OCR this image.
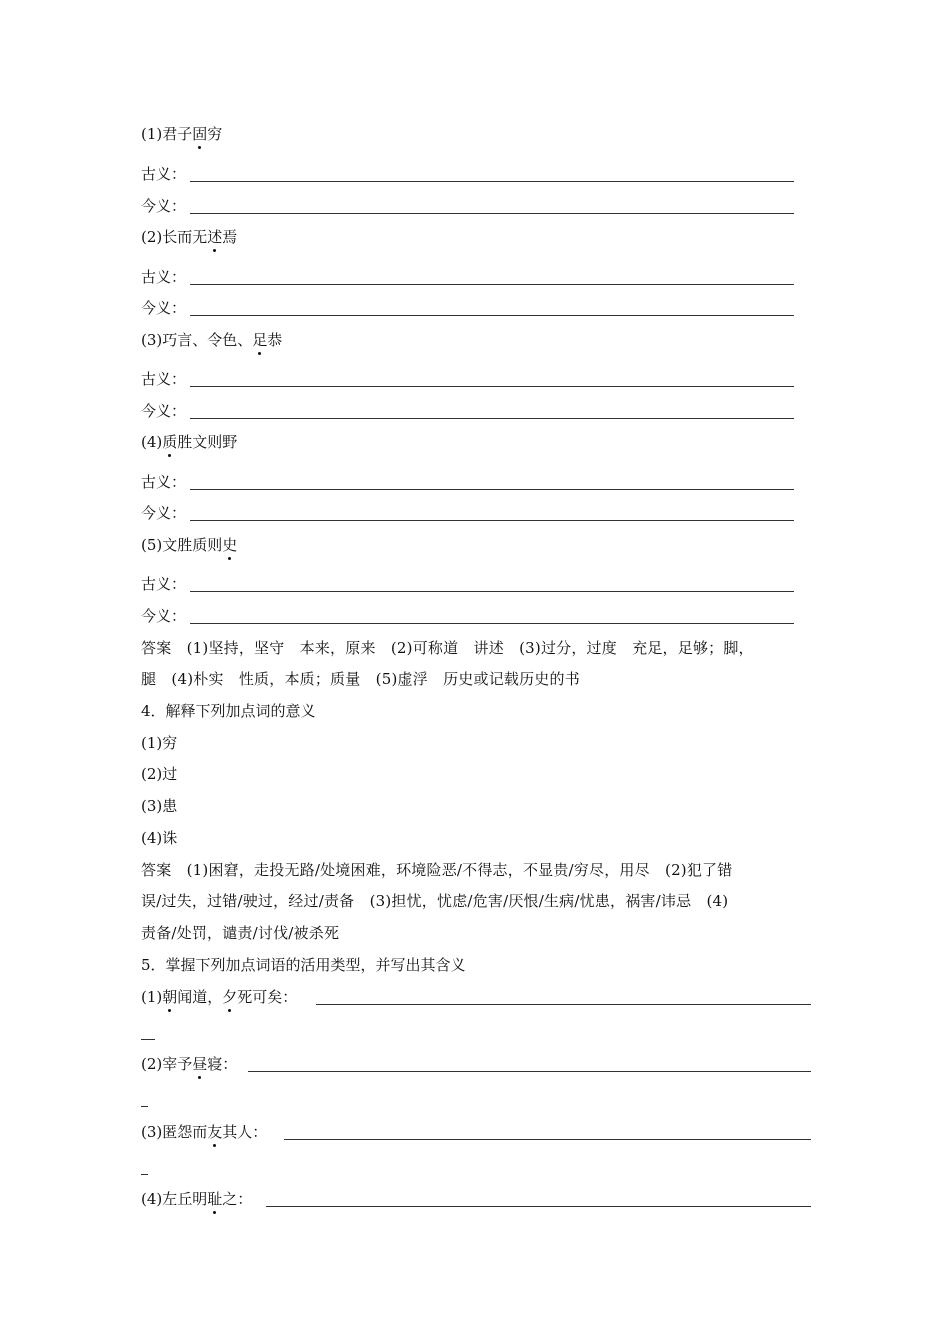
(1)君子固穷
古义：
今义：
(2)长而无述焉
古义：
今义：
(3)巧言、令色、足恭
古义：
今义：
(4)质胜文则野
古义：
今义：
(5)文胜质则史
古义：
今义：
答案　(1)坚持，坚守　本来，原来　(2)可称道　讲述　(3)过分，过度　充足，足够；脚，
腿　(4)朴实　性质，本质；质量　(5)虚浮　历史或记载历史的书
4．解释下列加点词的意义
(1)穷
(2)过
(3)患
(4)诛
答案　(1)困窘，走投无路/处境困难，环境险恶/不得志，不显贵/穷尽，用尽　(2)犯了错
误/过失，过错/驶过，经过/责备　(3)担忧，忧虑/危害/厌恨/生病/忧患，祸害/讳忌　(4)
责备/处罚，谴责/讨伐/被杀死
5．掌握下列加点词语的活用类型，并写出其含义
(1)朝闻道，夕死可矣：
(2)宰予昼寝：
(3)匿怨而友其人：
(4)左丘明耻之：
